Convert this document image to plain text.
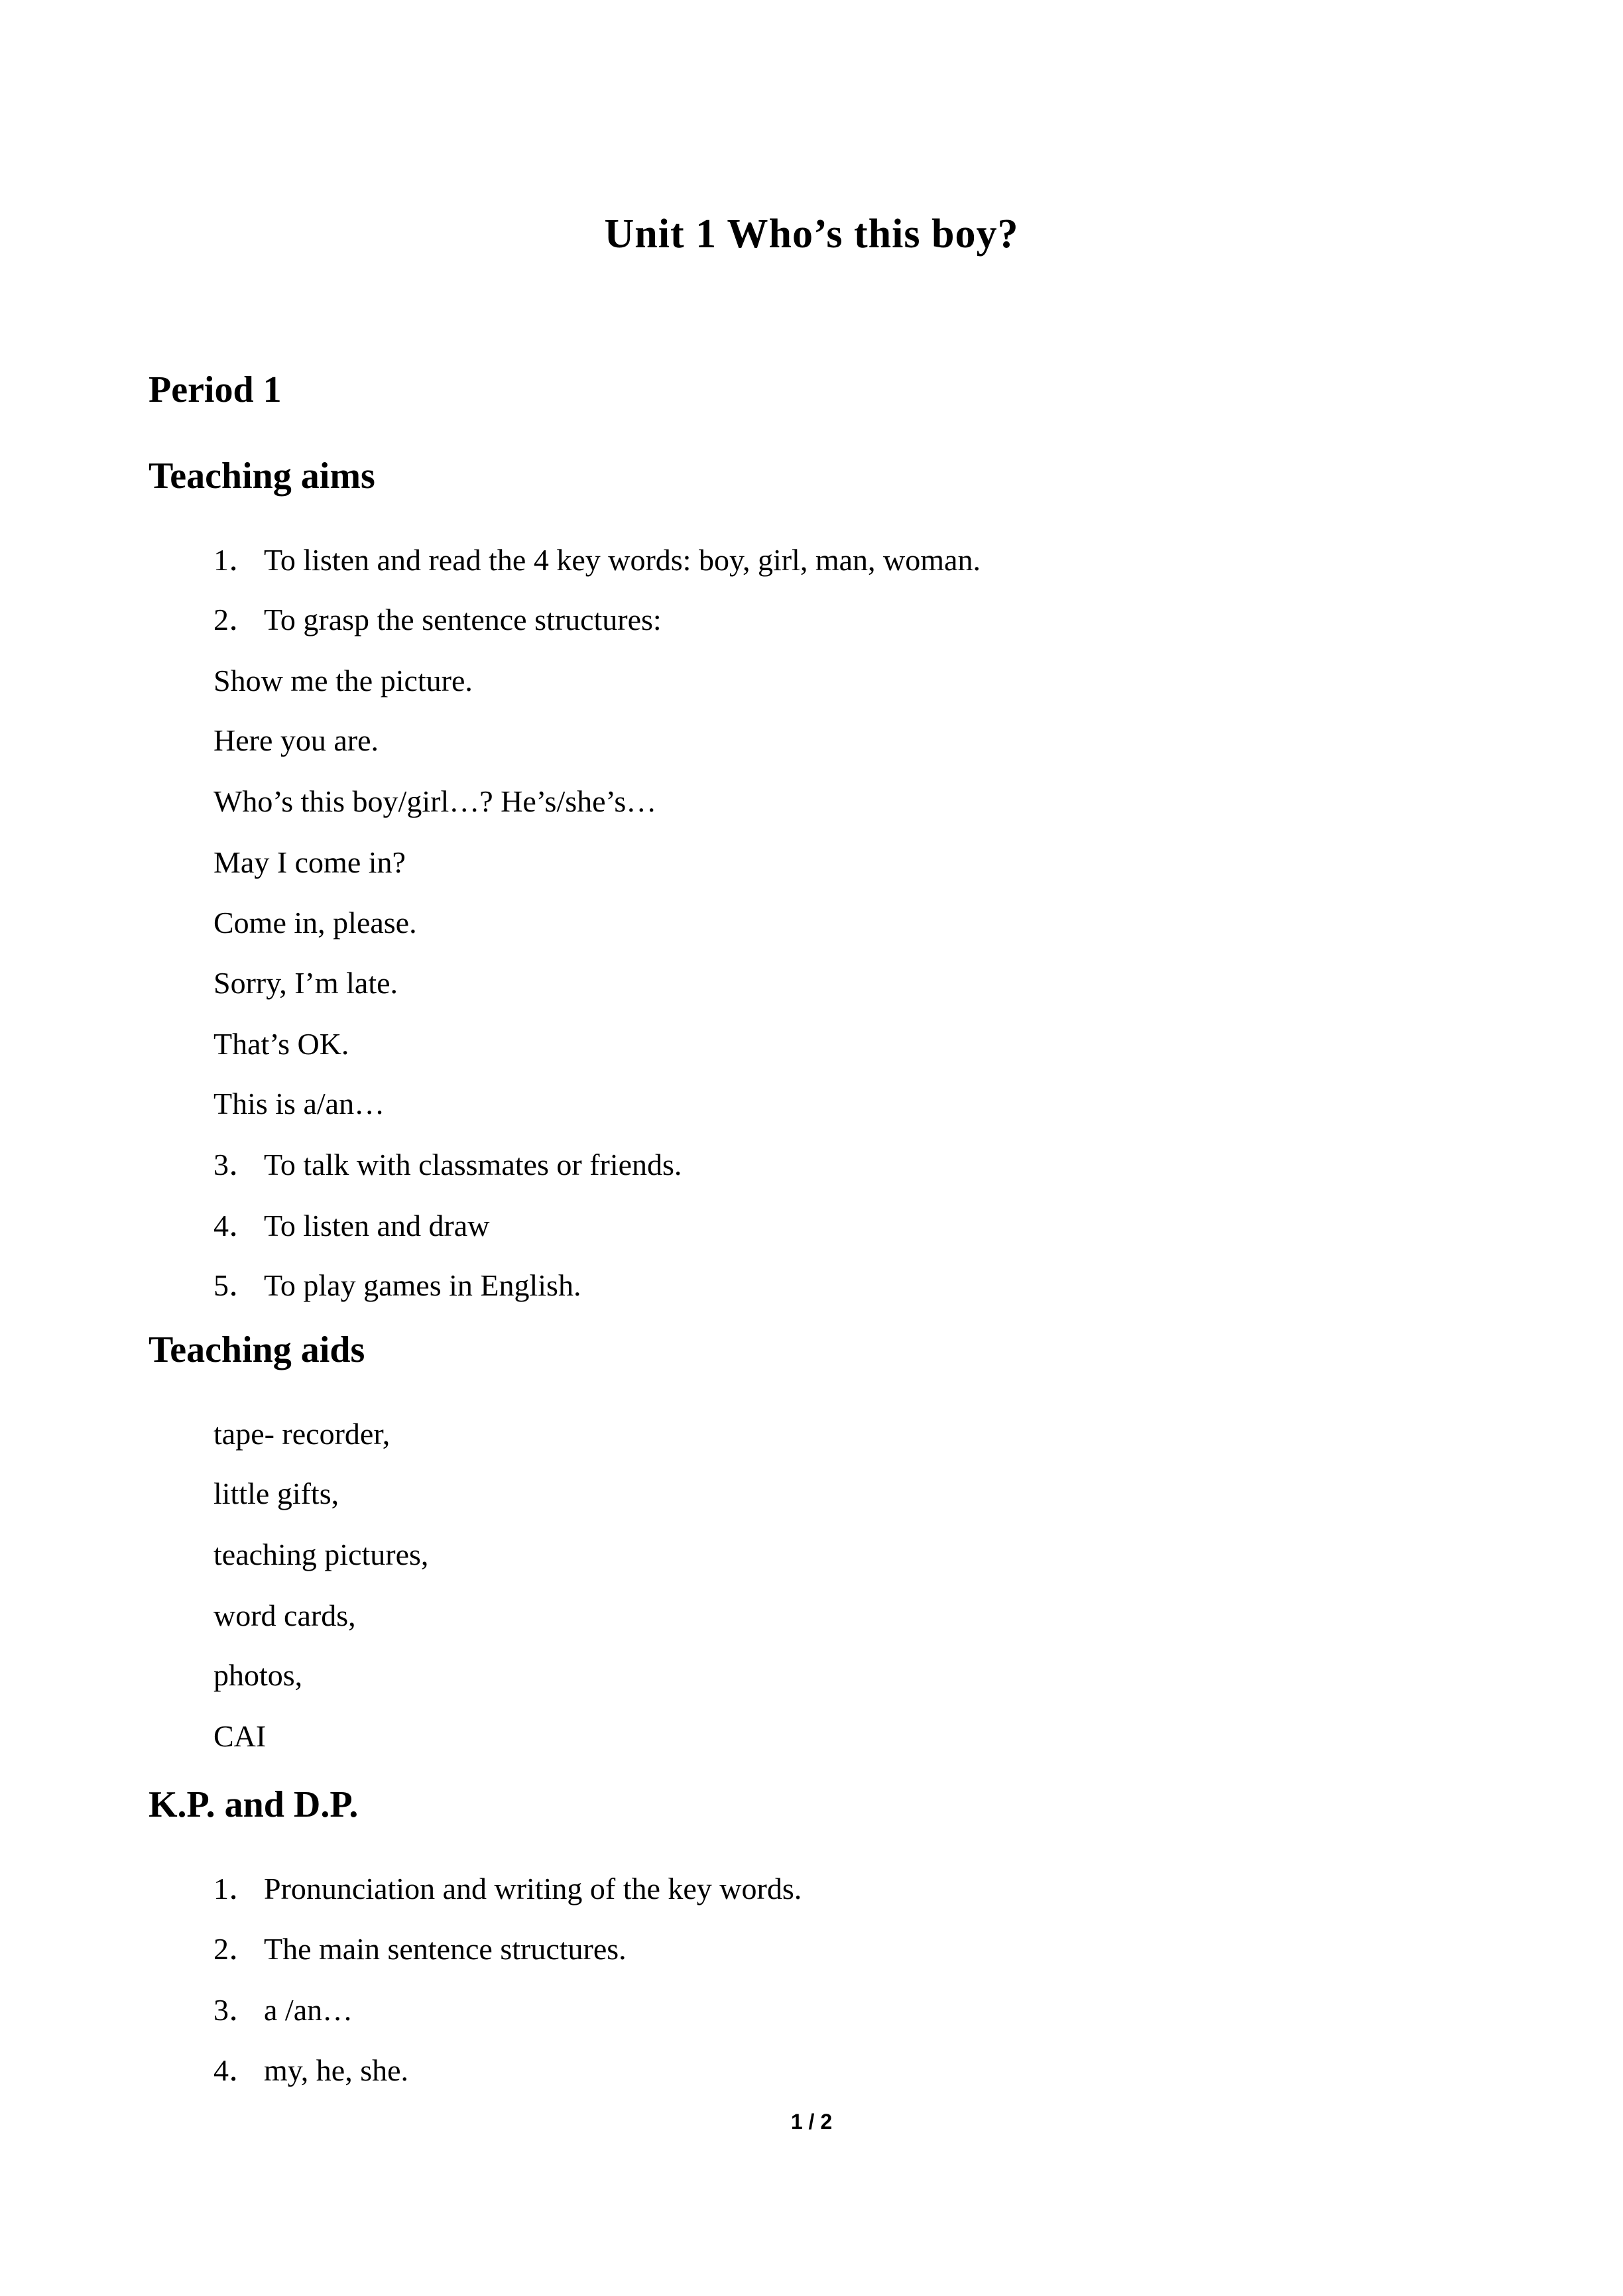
Unit 1 Who’s this boy?
Period 1
Teaching aims
1． To listen and read the 4 key words: boy, girl, man, woman.
2． To grasp the sentence structures:
Show me the picture.
Here you are.
Who’s this boy/girl…? He’s/she’s…
May I come in?
Come in, please.
Sorry, I’m late.
That’s OK.
This is a/an…
3． To talk with classmates or friends.
4． To listen and draw
5． To play games in English.
Teaching aids
tape- recorder,
little gifts,
teaching pictures,
word cards,
photos,
CAI
K.P. and D.P.
1． Pronunciation and writing of the key words.
2． The main sentence structures.
3． a /an…
4． my, he, she.
1 / 2
